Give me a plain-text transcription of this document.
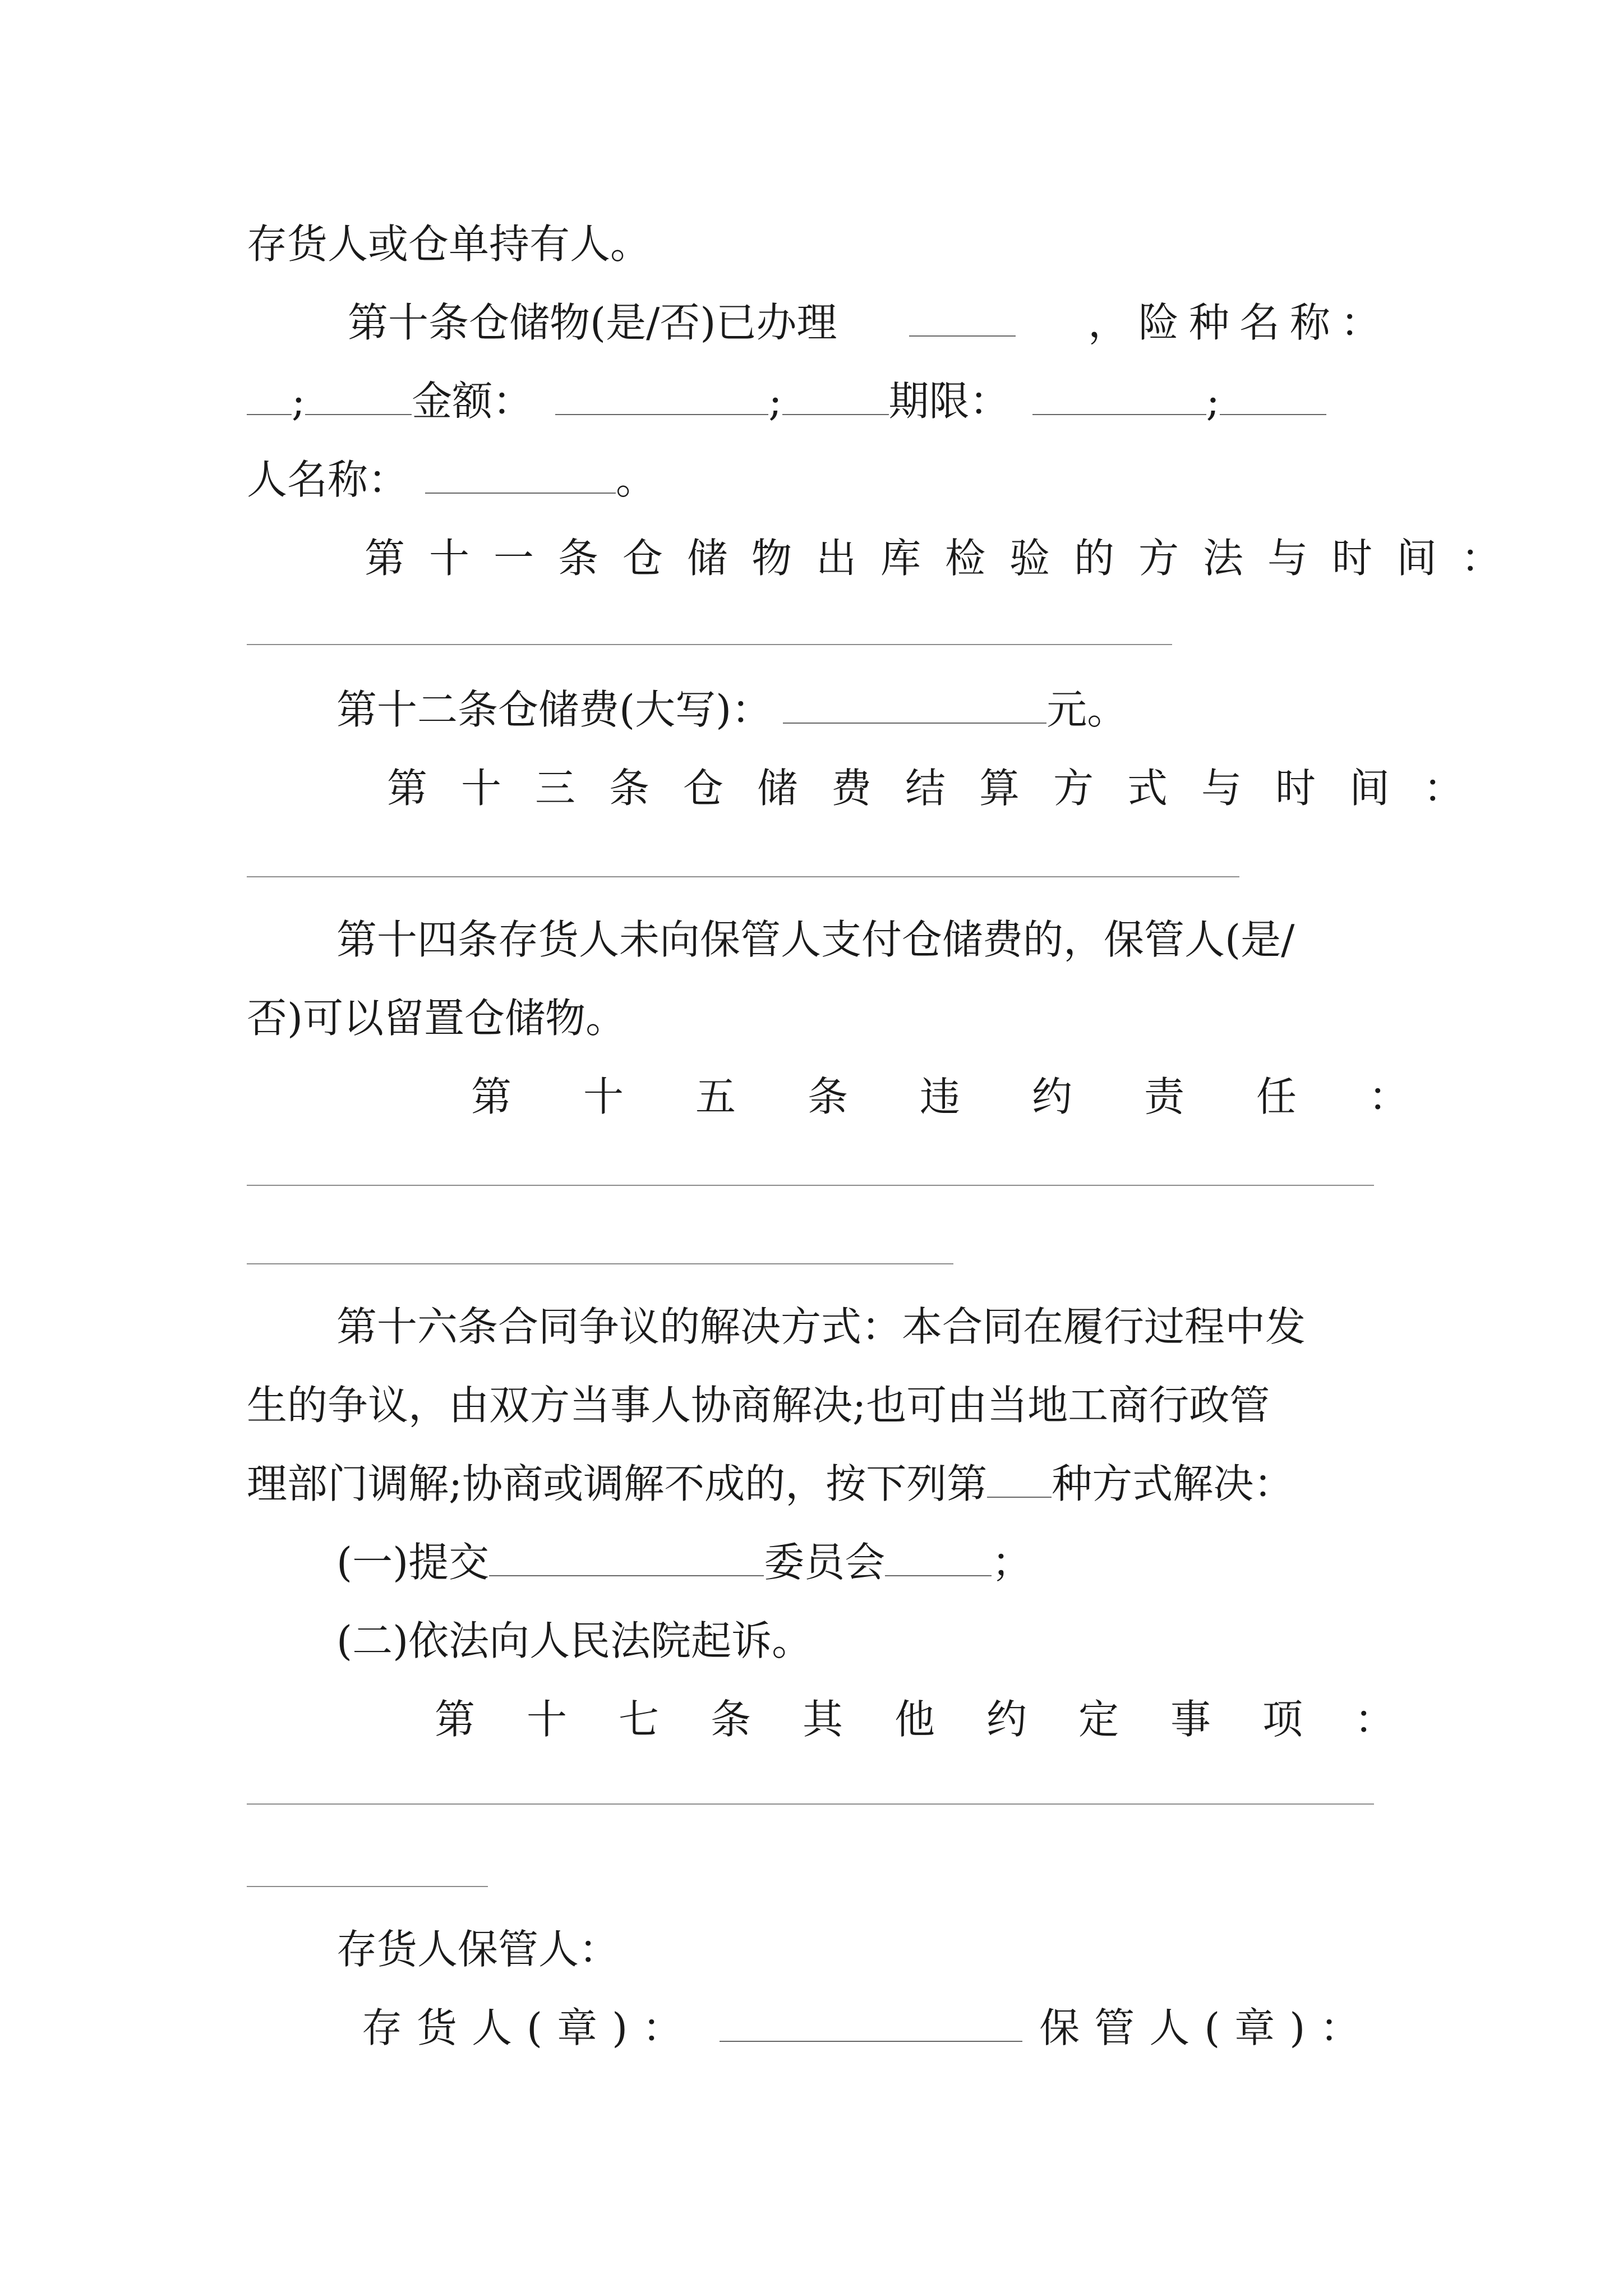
存货人或仓单持有人。
第十条仓储物(是/否)已办理	，险种名称：
;	金额：	;	期限：	;
人名称：	。
第十一条仓储物出库检验的方法与时间：
第十二条仓储费(大写)：	元。
第十三条仓储费结算方式与时间：
第十四条存货人未向保管人支付仓储费的，保管人(是/
否)可以留置仓储物。
第十五条违约责任：
第十六条合同争议的解决方式：本合同在履行过程中发
生的争议，由双方当事人协商解决;也可由当地工商行政管
理部门调解;协商或调解不成的，按下列第 种方式解决：
(一)提交	委员会	；
(二)依法向人民法院起诉。
第十七条其他约定事项：
存货人保管人：
存货人(章)：	保管人(章)：
